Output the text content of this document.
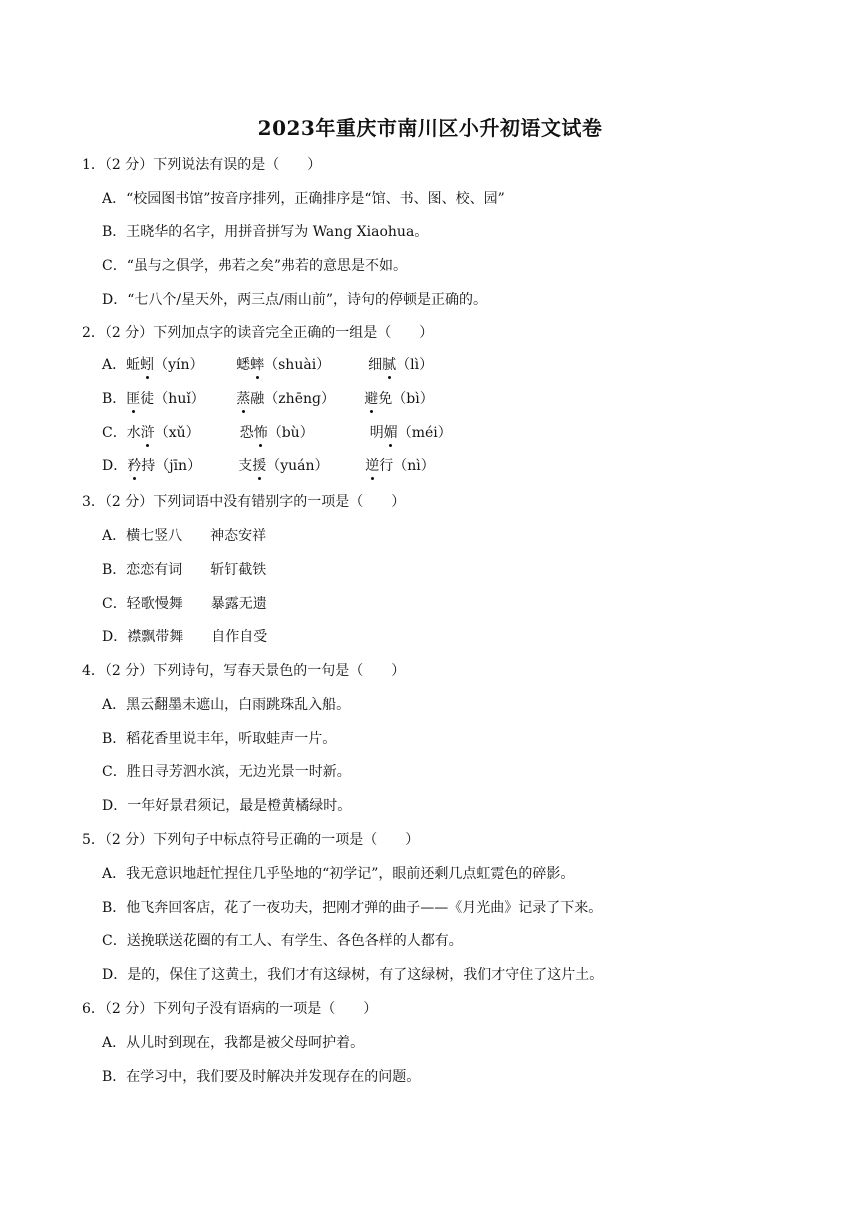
2023年重庆市南川区小升初语文试卷
1．（2 分）下列说法有误的是（　　）
A．“校园图书馆”按音序排列，正确排序是“馆、书、图、校、园”
B．王晓华的名字，用拼音拼写为 Wang Xiaohua。
C．“虽与之俱学，弗若之矣”弗若的意思是不如。
D．“七八个/星天外，两三点/雨山前”，诗句的停顿是正确的。
2．（2 分）下列加点字的读音完全正确的一组是（　　）
A．蚯蚓（yín） 蟋蟀（shuài）	细腻（lì）
B．匪徒（huǐ） 蒸融（zhēnɡ） 避免（bì）
C．水浒（xǔ）	恐怖（bù）	明媚（méi）
D．矜持（jīn）	支援（yuán）	逆行（nì）
3．（2 分）下列词语中没有错别字的一项是（　　）
A．横七竖八　　神态安祥
B．恋恋有词　　斩钉截铁
C．轻歌慢舞　　暴露无遗
D．襟飘带舞　　自作自受
4．（2 分）下列诗句，写春天景色的一句是（　　）
A．黑云翻墨未遮山，白雨跳珠乱入船。
B．稻花香里说丰年，听取蛙声一片。
C．胜日寻芳泗水滨，无边光景一时新。
D．一年好景君须记，最是橙黄橘绿时。
5．（2 分）下列句子中标点符号正确的一项是（　　）
A．我无意识地赶忙捏住几乎坠地的“初学记”，眼前还剩几点虹霓色的碎影。
B．他飞奔回客店，花了一夜功夫，把刚才弹的曲子——《月光曲》记录了下来。
C．送挽联送花圈的有工人、有学生、各色各样的人都有。
D．是的，保住了这黄土，我们才有这绿树，有了这绿树，我们才守住了这片土。
6．（2 分）下列句子没有语病的一项是（　　）
A．从儿时到现在，我都是被父母呵护着。
B．在学习中，我们要及时解决并发现存在的问题。
